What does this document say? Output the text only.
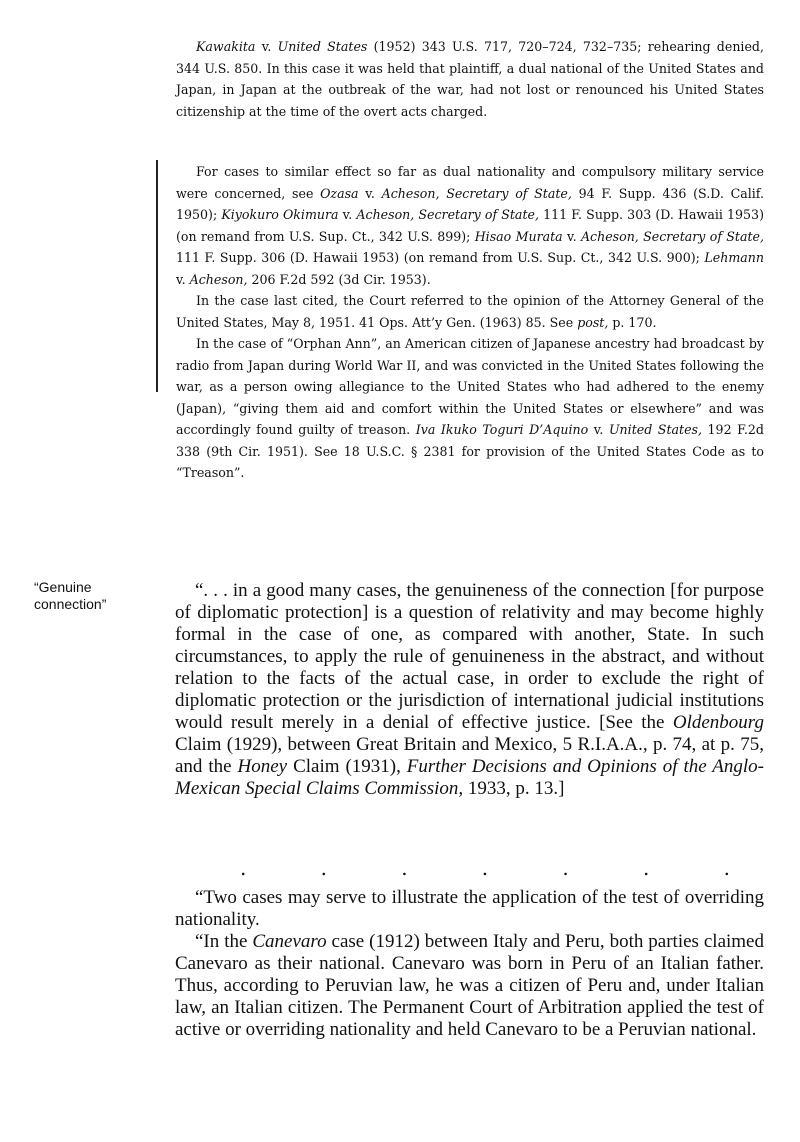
Kawakita v. United States (1952) 343 U.S. 717, 720–724, 732–735; rehearing denied, 344 U.S. 850. In this case it was held that plaintiff, a dual national of the United States and Japan, in Japan at the outbreak of the war, had not lost or renounced his United States citizenship at the time of the overt acts charged.

For cases to similar effect so far as dual nationality and compulsory military service were concerned, see Ozasa v. Acheson, Secretary of State, 94 F. Supp. 436 (S.D. Calif. 1950); Kiyokuro Okimura v. Acheson, Secretary of State, 111 F. Supp. 303 (D. Hawaii 1953) (on remand from U.S. Sup. Ct., 342 U.S. 899); Hisao Murata v. Acheson, Secretary of State, 111 F. Supp. 306 (D. Hawaii 1953) (on remand from U.S. Sup. Ct., 342 U.S. 900); Lehmann v. Acheson, 206 F.2d 592 (3d Cir. 1953).

In the case last cited, the Court referred to the opinion of the Attorney General of the United States, May 8, 1951. 41 Ops. Att’y Gen. (1963) 85. See post, p. 170.

In the case of “Orphan Ann”, an American citizen of Japanese ancestry had broadcast by radio from Japan during World War II, and was convicted in the United States following the war, as a person owing allegiance to the United States who had adhered to the enemy (Japan), “giving them aid and comfort within the United States or elsewhere” and was accordingly found guilty of treason. Iva Ikuko Toguri D’Aquino v. United States, 192 F.2d 338 (9th Cir. 1951). See 18 U.S.C. § 2381 for provision of the United States Code as to “Treason”.

“Genuine connection”

“. . . in a good many cases, the genuineness of the connection [for purpose of diplomatic protection] is a question of relativity and may become highly formal in the case of one, as compared with another, State. In such circumstances, to apply the rule of genuineness in the abstract, and without relation to the facts of the actual case, in order to exclude the right of diplomatic protection or the jurisdiction of international judicial institutions would result merely in a denial of effective justice. [See the Oldenbourg Claim (1929), between Great Britain and Mexico, 5 R.I.A.A., p. 74, at p. 75, and the Honey Claim (1931), Further Decisions and Opinions of the Anglo-Mexican Special Claims Commission, 1933, p. 13.]

.	.	.	.	.	.	.

“Two cases may serve to illustrate the application of the test of overriding nationality.

“In the Canevaro case (1912) between Italy and Peru, both parties claimed Canevaro as their national. Canevaro was born in Peru of an Italian father. Thus, according to Peruvian law, he was a citizen of Peru and, under Italian law, an Italian citizen. The Permanent Court of Arbitration applied the test of active or overriding nationality and held Canevaro to be a Peruvian national.
